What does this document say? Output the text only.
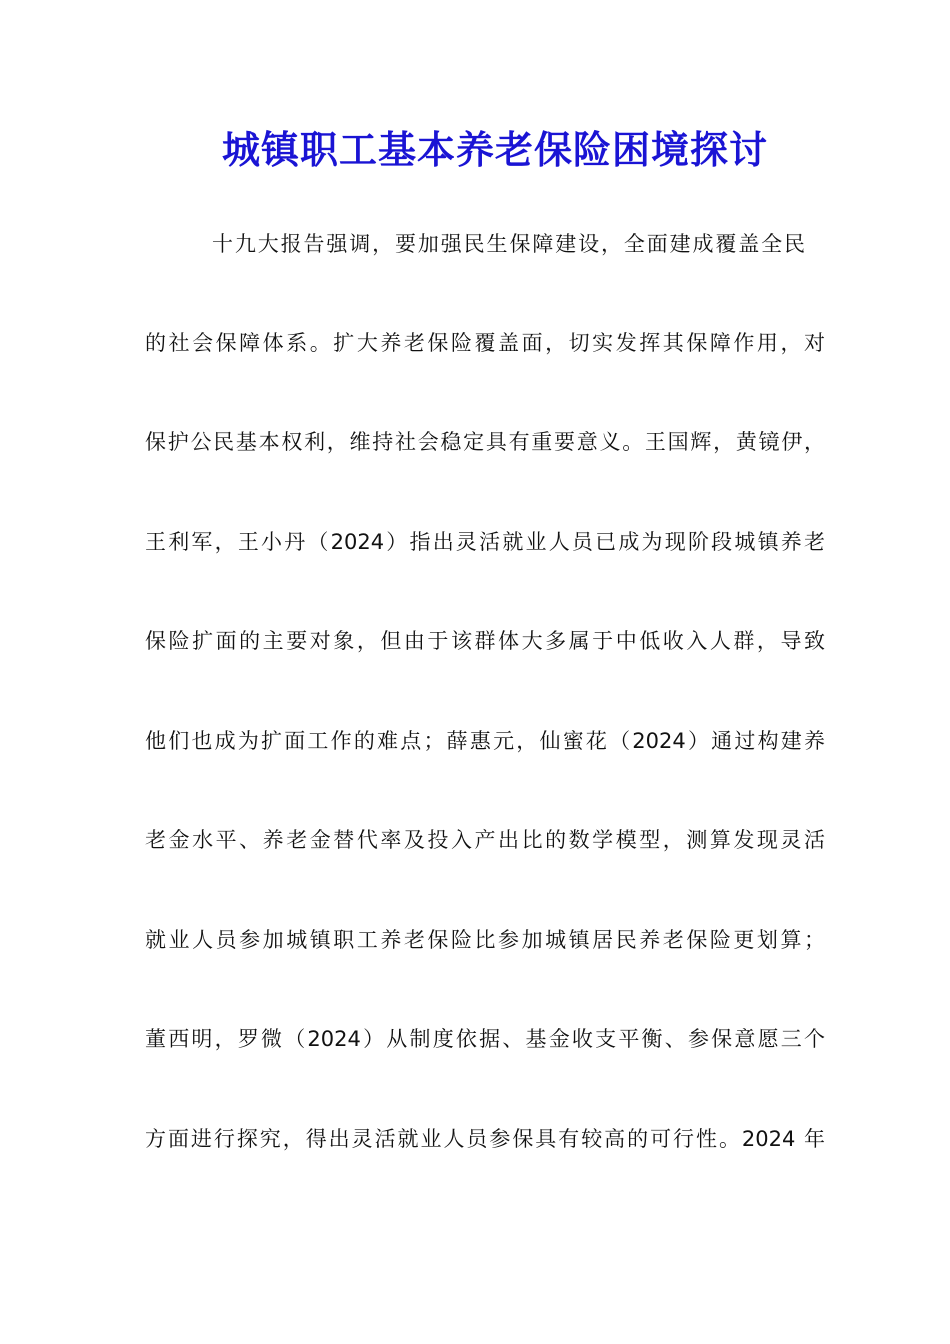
城镇职工基本养老保险困境探讨
十九大报告强调，要加强民生保障建设，全面建成覆盖全民
的社会保障体系。扩大养老保险覆盖面，切实发挥其保障作用，对
保护公民基本权利，维持社会稳定具有重要意义。王国辉，黄镜伊，
王利军，王小丹（2024）指出灵活就业人员已成为现阶段城镇养老
保险扩面的主要对象，但由于该群体大多属于中低收入人群，导致
他们也成为扩面工作的难点；薛惠元，仙蜜花（2024）通过构建养
老金水平、养老金替代率及投入产出比的数学模型，测算发现灵活
就业人员参加城镇职工养老保险比参加城镇居民养老保险更划算；
董西明，罗微（2024）从制度依据、基金收支平衡、参保意愿三个
方面进行探究，得出灵活就业人员参保具有较高的可行性。2024 年
